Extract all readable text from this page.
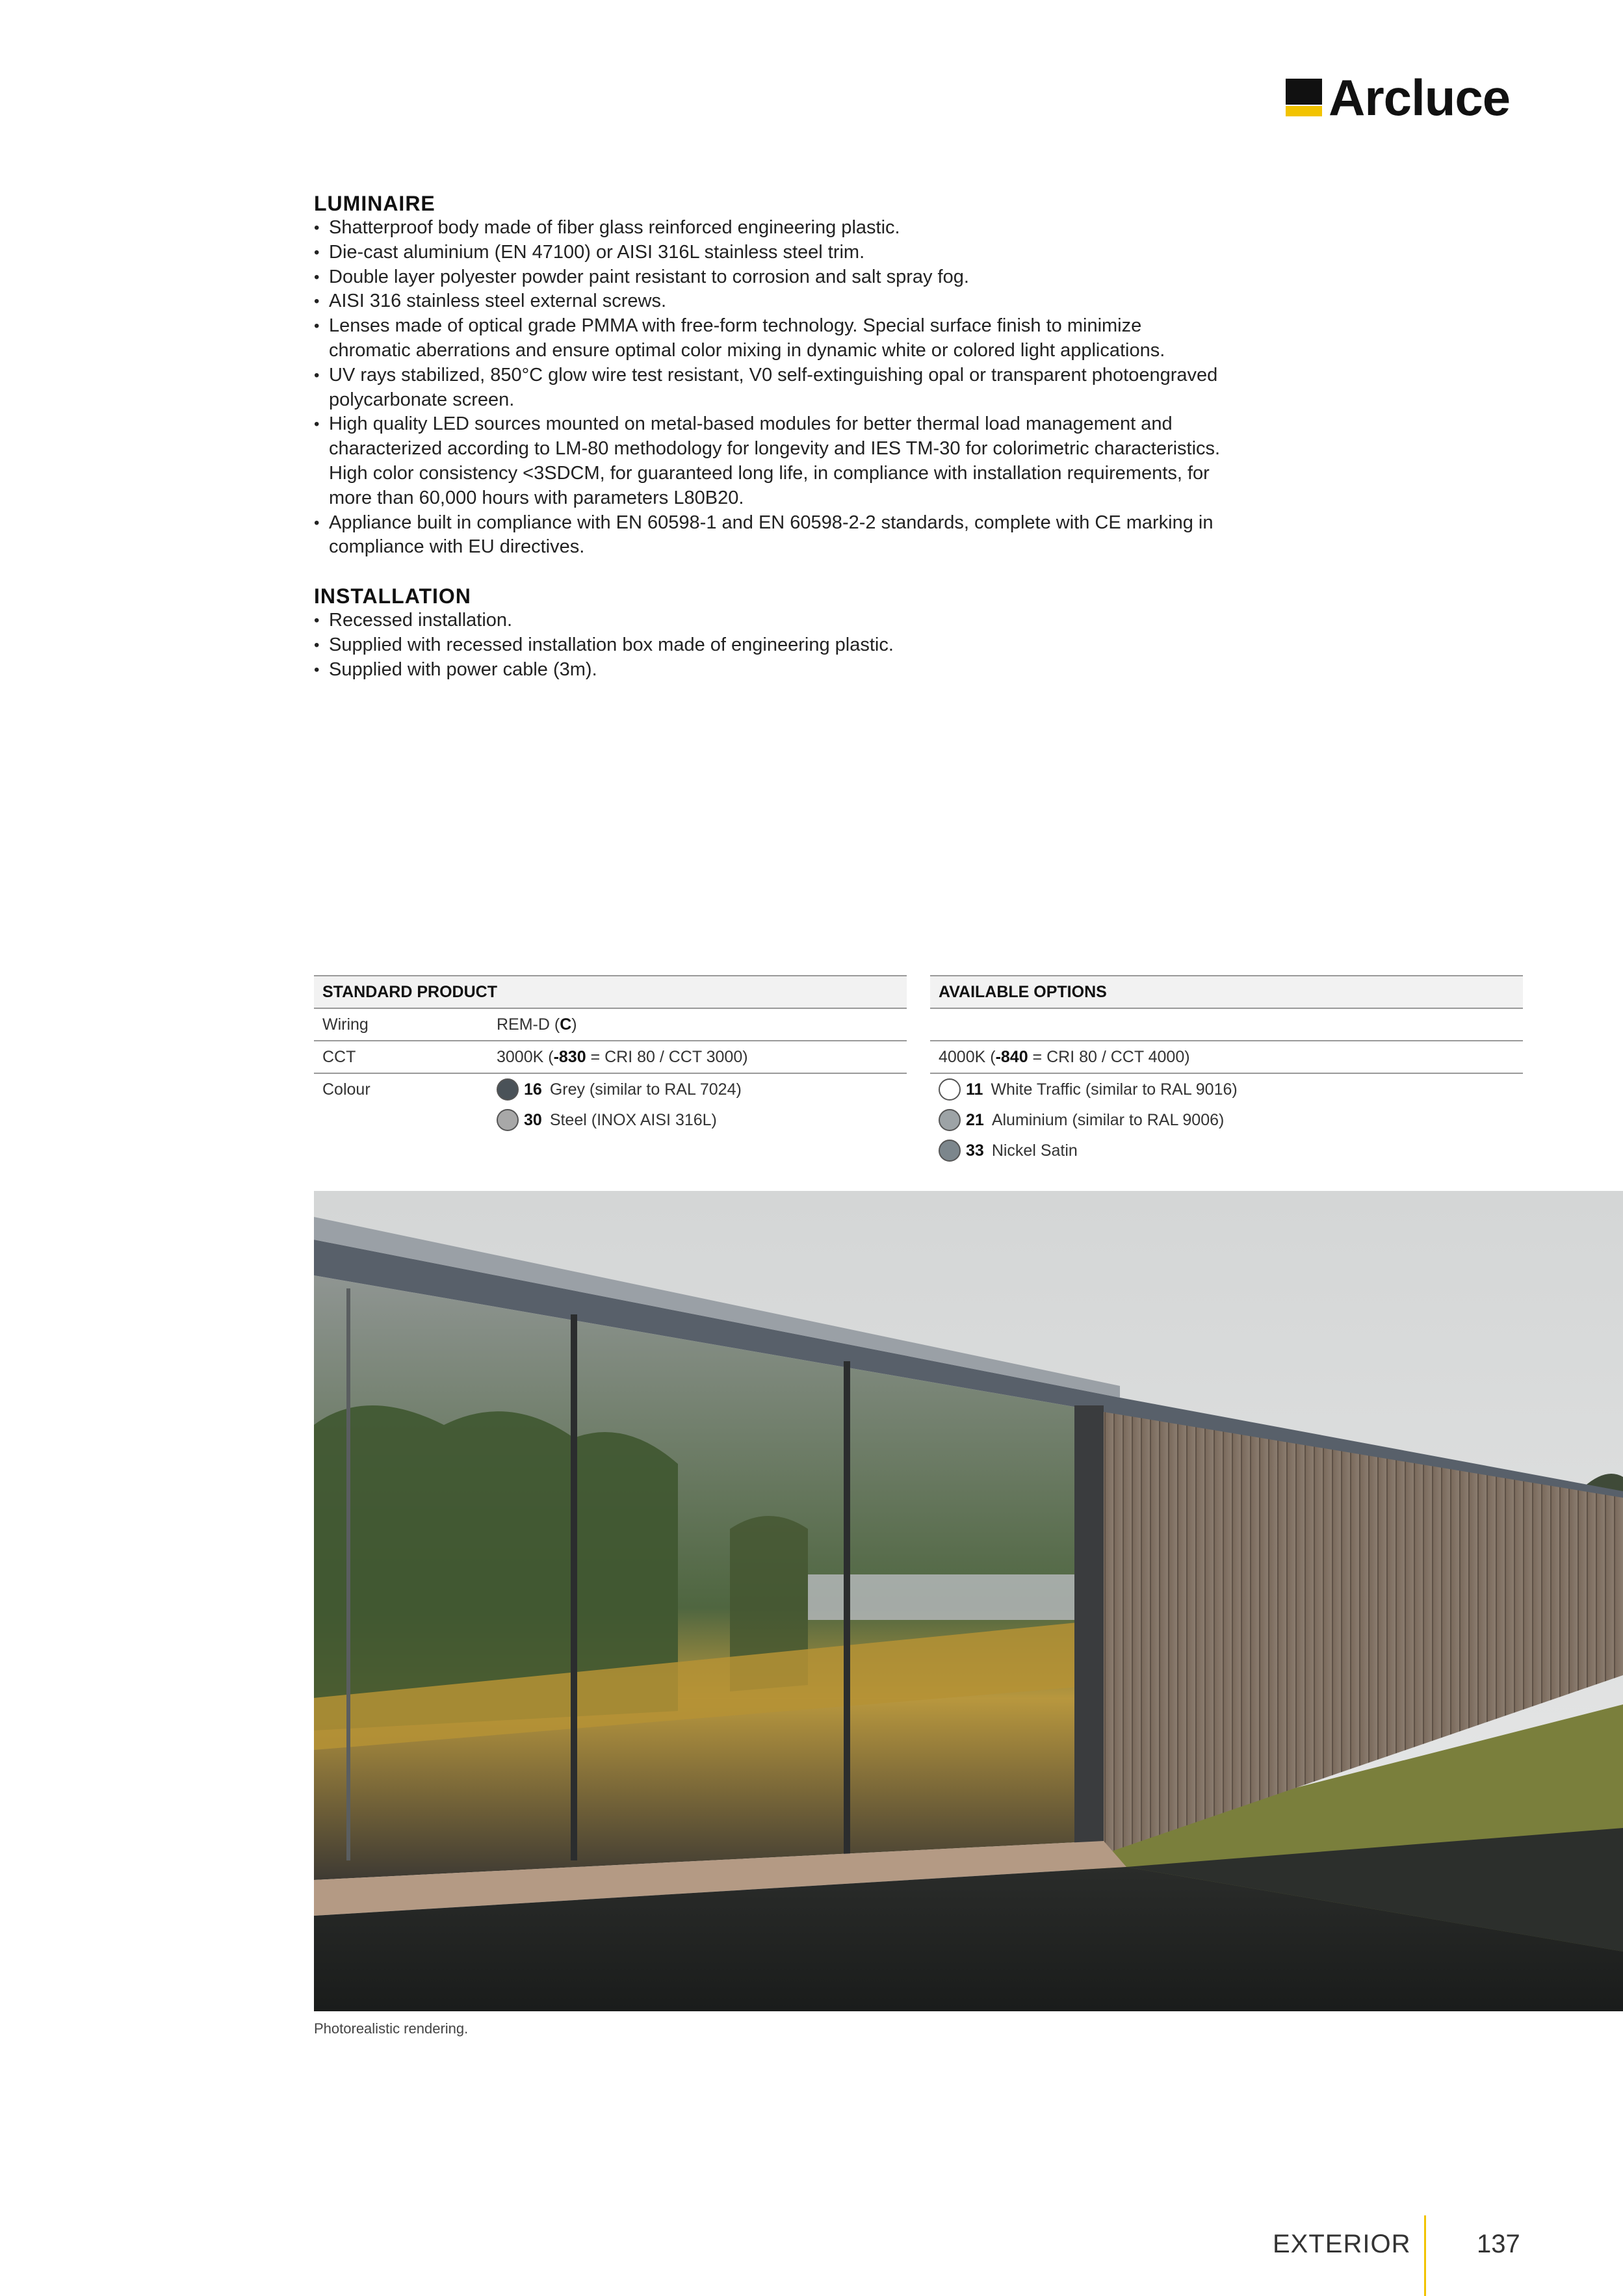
Arcluce
LUMINAIRE
• Shatterproof body made of fiber glass reinforced engineering plastic.
• Die-cast aluminium (EN 47100) or AISI 316L stainless steel trim.
• Double layer polyester powder paint resistant to corrosion and salt spray fog.
• AISI 316 stainless steel external screws.
• Lenses made of optical grade PMMA with free-form technology. Special surface finish to minimize
chromatic aberrations and ensure optimal color mixing in dynamic white or colored light applications.
• UV rays stabilized, 850°C glow wire test resistant, V0 self-extinguishing opal or transparent photoengraved
polycarbonate screen.
• High quality LED sources mounted on metal-based modules for better thermal load management and
characterized according to LM-80 methodology for longevity and IES TM-30 for colorimetric characteristics.
High color consistency <3SDCM, for guaranteed long life, in compliance with installation requirements, for
more than 60,000 hours with parameters L80B20.
• Appliance built in compliance with EN 60598-1 and EN 60598-2-2 standards, complete with CE marking in
compliance with EU directives.
INSTALLATION
• Recessed installation.
• Supplied with recessed installation box made of engineering plastic.
• Supplied with power cable (3m).
STANDARD PRODUCT
Wiring	REM-D (C)
CCT	3000K (-830 = CRI 80 / CCT 3000)
Colour	16 Grey (similar to RAL 7024)
30 Steel (INOX AISI 316L)
AVAILABLE OPTIONS
4000K (-840 = CRI 80 / CCT 4000)
11 White Traffic (similar to RAL 9016)
21 Aluminium (similar to RAL 9006)
33 Nickel Satin
Photorealistic rendering.
EXTERIOR	137
